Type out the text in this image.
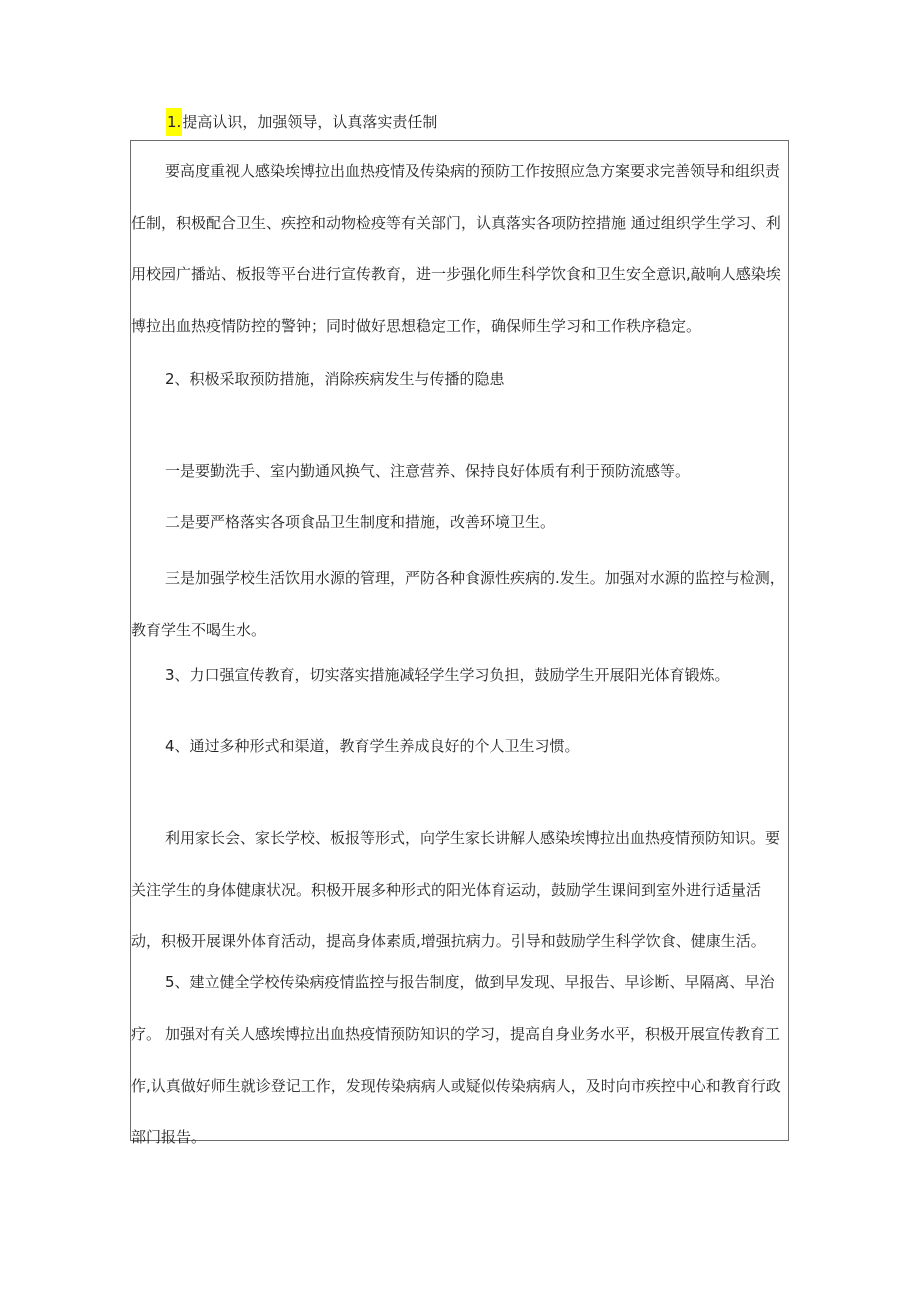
1.提高认识，加强领导，认真落实责任制

要高度重视人感染埃博拉出血热疫情及传染病的预防工作按照应急方案要求完善领导和组织责任制，积极配合卫生、疾控和动物检疫等有关部门，认真落实各项防控措施 通过组织学生学习、利用校园广播站、板报等平台进行宣传教育，进一步强化师生科学饮食和卫生安全意识,敲响人感染埃博拉出血热疫情防控的警钟；同时做好思想稳定工作，确保师生学习和工作秩序稳定。

2、积极采取预防措施，消除疾病发生与传播的隐患

一是要勤洗手、室内勤通风换气、注意营养、保持良好体质有利于预防流感等。

二是要严格落实各项食品卫生制度和措施，改善环境卫生。

三是加强学校生活饮用水源的管理，严防各种食源性疾病的.发生。加强对水源的监控与检测，教育学生不喝生水。

3、力口强宣传教育，切实落实措施减轻学生学习负担，鼓励学生开展阳光体育锻炼。

4、通过多种形式和渠道，教育学生养成良好的个人卫生习惯。

利用家长会、家长学校、板报等形式，向学生家长讲解人感染埃博拉出血热疫情预防知识。要关注学生的身体健康状况。积极开展多种形式的阳光体育运动，鼓励学生课间到室外进行适量活动，积极开展课外体育活动，提高身体素质,增强抗病力。引导和鼓励学生科学饮食、健康生活。

5、建立健全学校传染病疫情监控与报告制度，做到早发现、早报告、早诊断、早隔离、早治疗。 加强对有关人感埃博拉出血热疫情预防知识的学习，提高自身业务水平，积极开展宣传教育工作,认真做好师生就诊登记工作，发现传染病病人或疑似传染病病人，及时向市疾控中心和教育行政部门报告。
